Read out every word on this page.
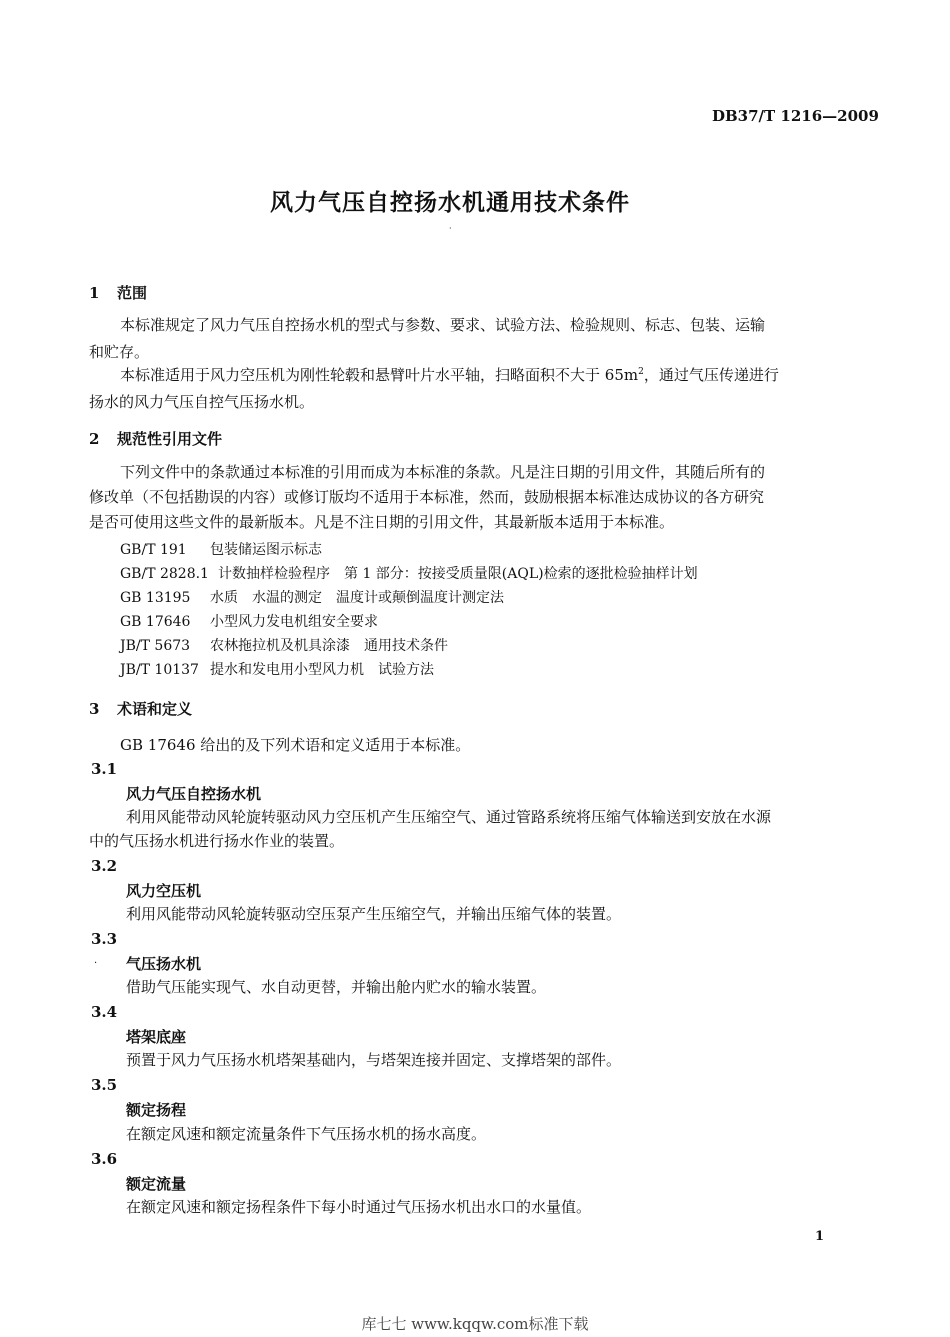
DB37/T 1216—2009
风力气压自控扬水机通用技术条件
·
1 范围
本标准规定了风力气压自控扬水机的型式与参数、要求、试验方法、检验规则、标志、包装、运输
和贮存。
本标准适用于风力空压机为刚性轮毂和悬臂叶片水平轴，扫略面积不大于 $65m^2$，通过气压传递进行
扬水的风力气压自控气压扬水机。
2 规范性引用文件
下列文件中的条款通过本标准的引用而成为本标准的条款。凡是注日期的引用文件，其随后所有的
修改单（不包括勘误的内容）或修订版均不适用于本标准，然而，鼓励根据本标准达成协议的各方研究
是否可使用这些文件的最新版本。凡是不注日期的引用文件，其最新版本适用于本标准。
GB/T 191 包装储运图示标志
GB/T 2828.1 计数抽样检验程序　第 1 部分：按接受质量限(AQL)检索的逐批检验抽样计划
GB 13195 水质　水温的测定　温度计或颠倒温度计测定法
GB 17646 小型风力发电机组安全要求
JB/T 5673 农林拖拉机及机具涂漆　通用技术条件
JB/T 10137 提水和发电用小型风力机　试验方法
3 术语和定义
GB 17646 给出的及下列术语和定义适用于本标准。
3.1
风力气压自控扬水机
利用风能带动风轮旋转驱动风力空压机产生压缩空气、通过管路系统将压缩气体输送到安放在水源
中的气压扬水机进行扬水作业的装置。
3.2
风力空压机
利用风能带动风轮旋转驱动空压泵产生压缩空气，并输出压缩气体的装置。
3.3
· 气压扬水机
借助气压能实现气、水自动更替，并输出舱内贮水的输水装置。
3.4
塔架底座
预置于风力气压扬水机塔架基础内，与塔架连接并固定、支撑塔架的部件。
3.5
额定扬程
在额定风速和额定流量条件下气压扬水机的扬水高度。
3.6
额定流量
在额定风速和额定扬程条件下每小时通过气压扬水机出水口的水量值。
1
库七七 www.kqqw.com标准下载
